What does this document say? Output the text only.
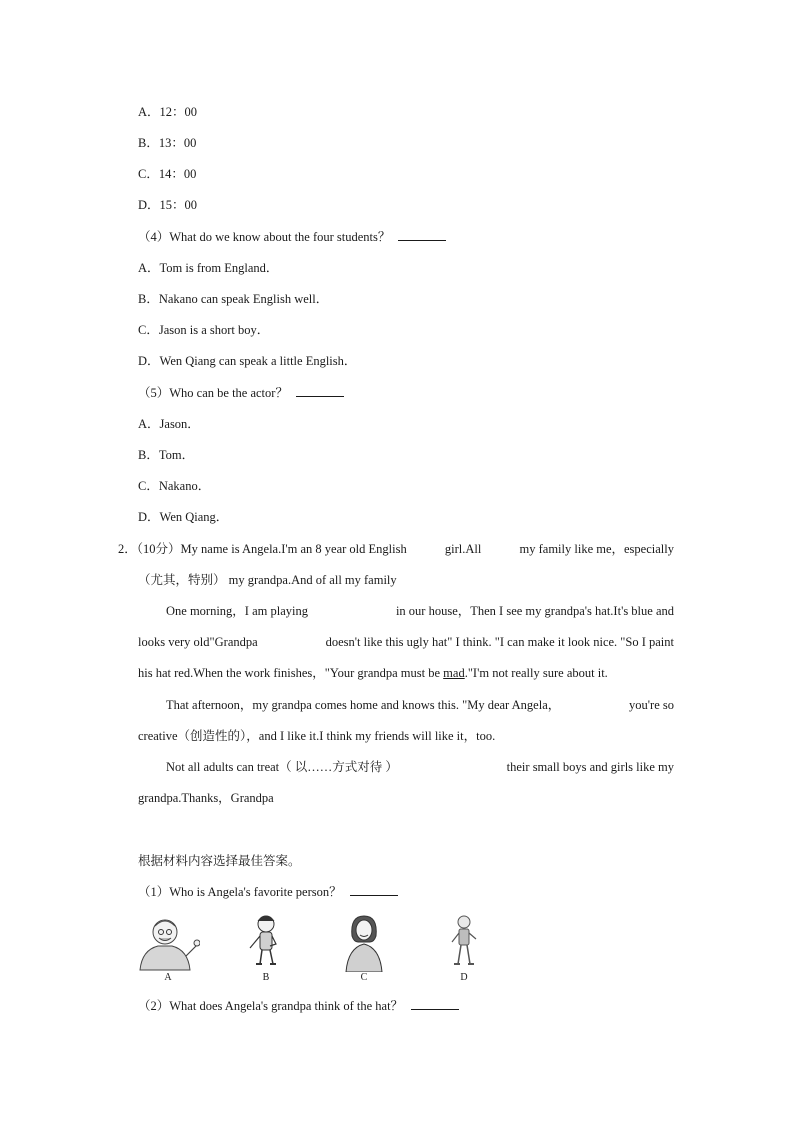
A．12：00
B．13：00
C．14：00
D．15：00
（4）What do we know about the four students？
A．Tom is from England．
B．Nakano can speak English well．
C．Jason is a short boy．
D．Wen Qiang can speak a little English．
（5）Who can be the actor？
A．Jason．
B．Tom．
C．Nakano．
D．Wen Qiang．
2．（10分）My name is Angela.I'm an 8 year old English	girl.All	my family like me，especially
（尤其，特别） my grandpa.And of all my family
One morning，I am playing	in our house，Then I see my grandpa's hat.It's blue and
looks very old"Grandpa	doesn't like this ugly hat" I think. "I can make it look nice. "So I paint
his hat red.When the work finishes，"Your grandpa must be mad."I'm not really sure about it.
That afternoon，my grandpa comes home and knows this. "My dear Angela，	you're so
creative（创造性的），and I like it.I think my friends will like it，too.
Not all adults can treat（ 以……方式对待 ）	their small boys and girls like my
grandpa.Thanks，Grandpa
根据材料内容选择最佳答案。
（1）Who is Angela's favorite person？
A	B	C	D
（2）What does Angela's grandpa think of the hat？
